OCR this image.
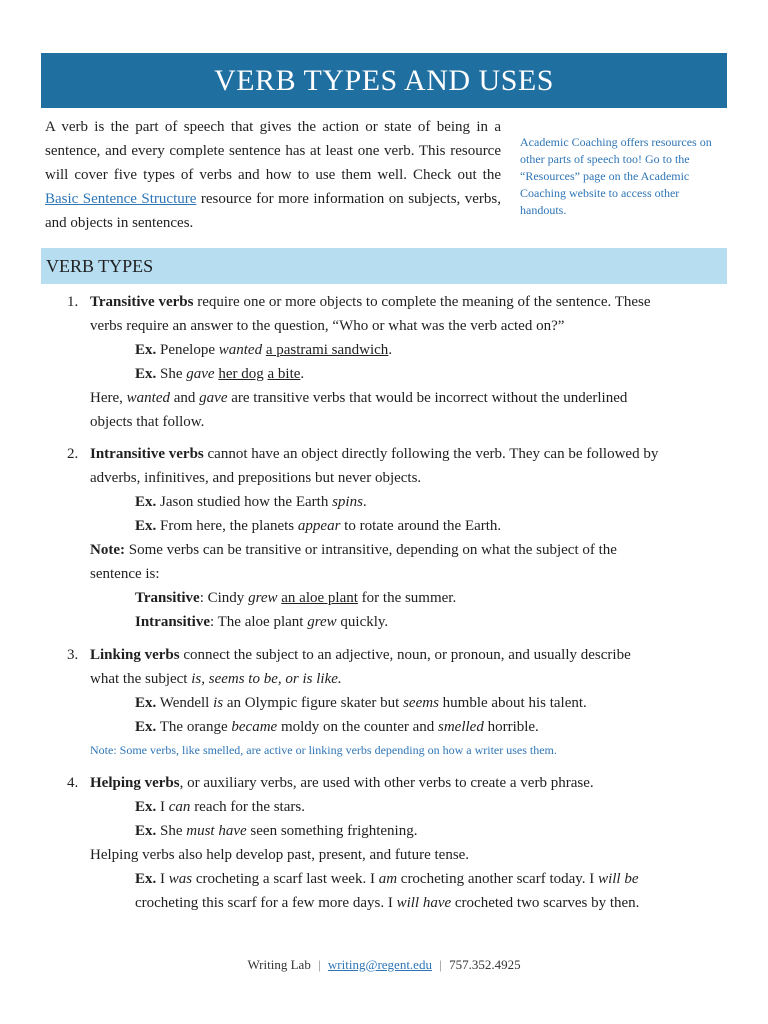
VERB TYPES AND USES
A verb is the part of speech that gives the action or state of being in a sentence, and every complete sentence has at least one verb. This resource will cover five types of verbs and how to use them well. Check out the Basic Sentence Structure resource for more information on subjects, verbs, and objects in sentences.
Academic Coaching offers resources on other parts of speech too! Go to the “Resources” page on the Academic Coaching website to access other handouts.
VERB TYPES
1. Transitive verbs require one or more objects to complete the meaning of the sentence. These
verbs require an answer to the question, “Who or what was the verb acted on?”
Ex. Penelope wanted a pastrami sandwich.
Ex. She gave her dog a bite.
Here, wanted and gave are transitive verbs that would be incorrect without the underlined
objects that follow.
2. Intransitive verbs cannot have an object directly following the verb. They can be followed by
adverbs, infinitives, and prepositions but never objects.
Ex. Jason studied how the Earth spins.
Ex. From here, the planets appear to rotate around the Earth.
Note: Some verbs can be transitive or intransitive, depending on what the subject of the
sentence is:
Transitive: Cindy grew an aloe plant for the summer.
Intransitive: The aloe plant grew quickly.
3. Linking verbs connect the subject to an adjective, noun, or pronoun, and usually describe
what the subject is, seems to be, or is like.
Ex. Wendell is an Olympic figure skater but seems humble about his talent.
Ex. The orange became moldy on the counter and smelled horrible.
Note: Some verbs, like smelled, are active or linking verbs depending on how a writer uses them.
4. Helping verbs, or auxiliary verbs, are used with other verbs to create a verb phrase.
Ex. I can reach for the stars.
Ex. She must have seen something frightening.
Helping verbs also help develop past, present, and future tense.
Ex. I was crocheting a scarf last week. I am crocheting another scarf today. I will be
crocheting this scarf for a few more days. I will have crocheted two scarves by then.
Writing Lab | writing@regent.edu | 757.352.4925
